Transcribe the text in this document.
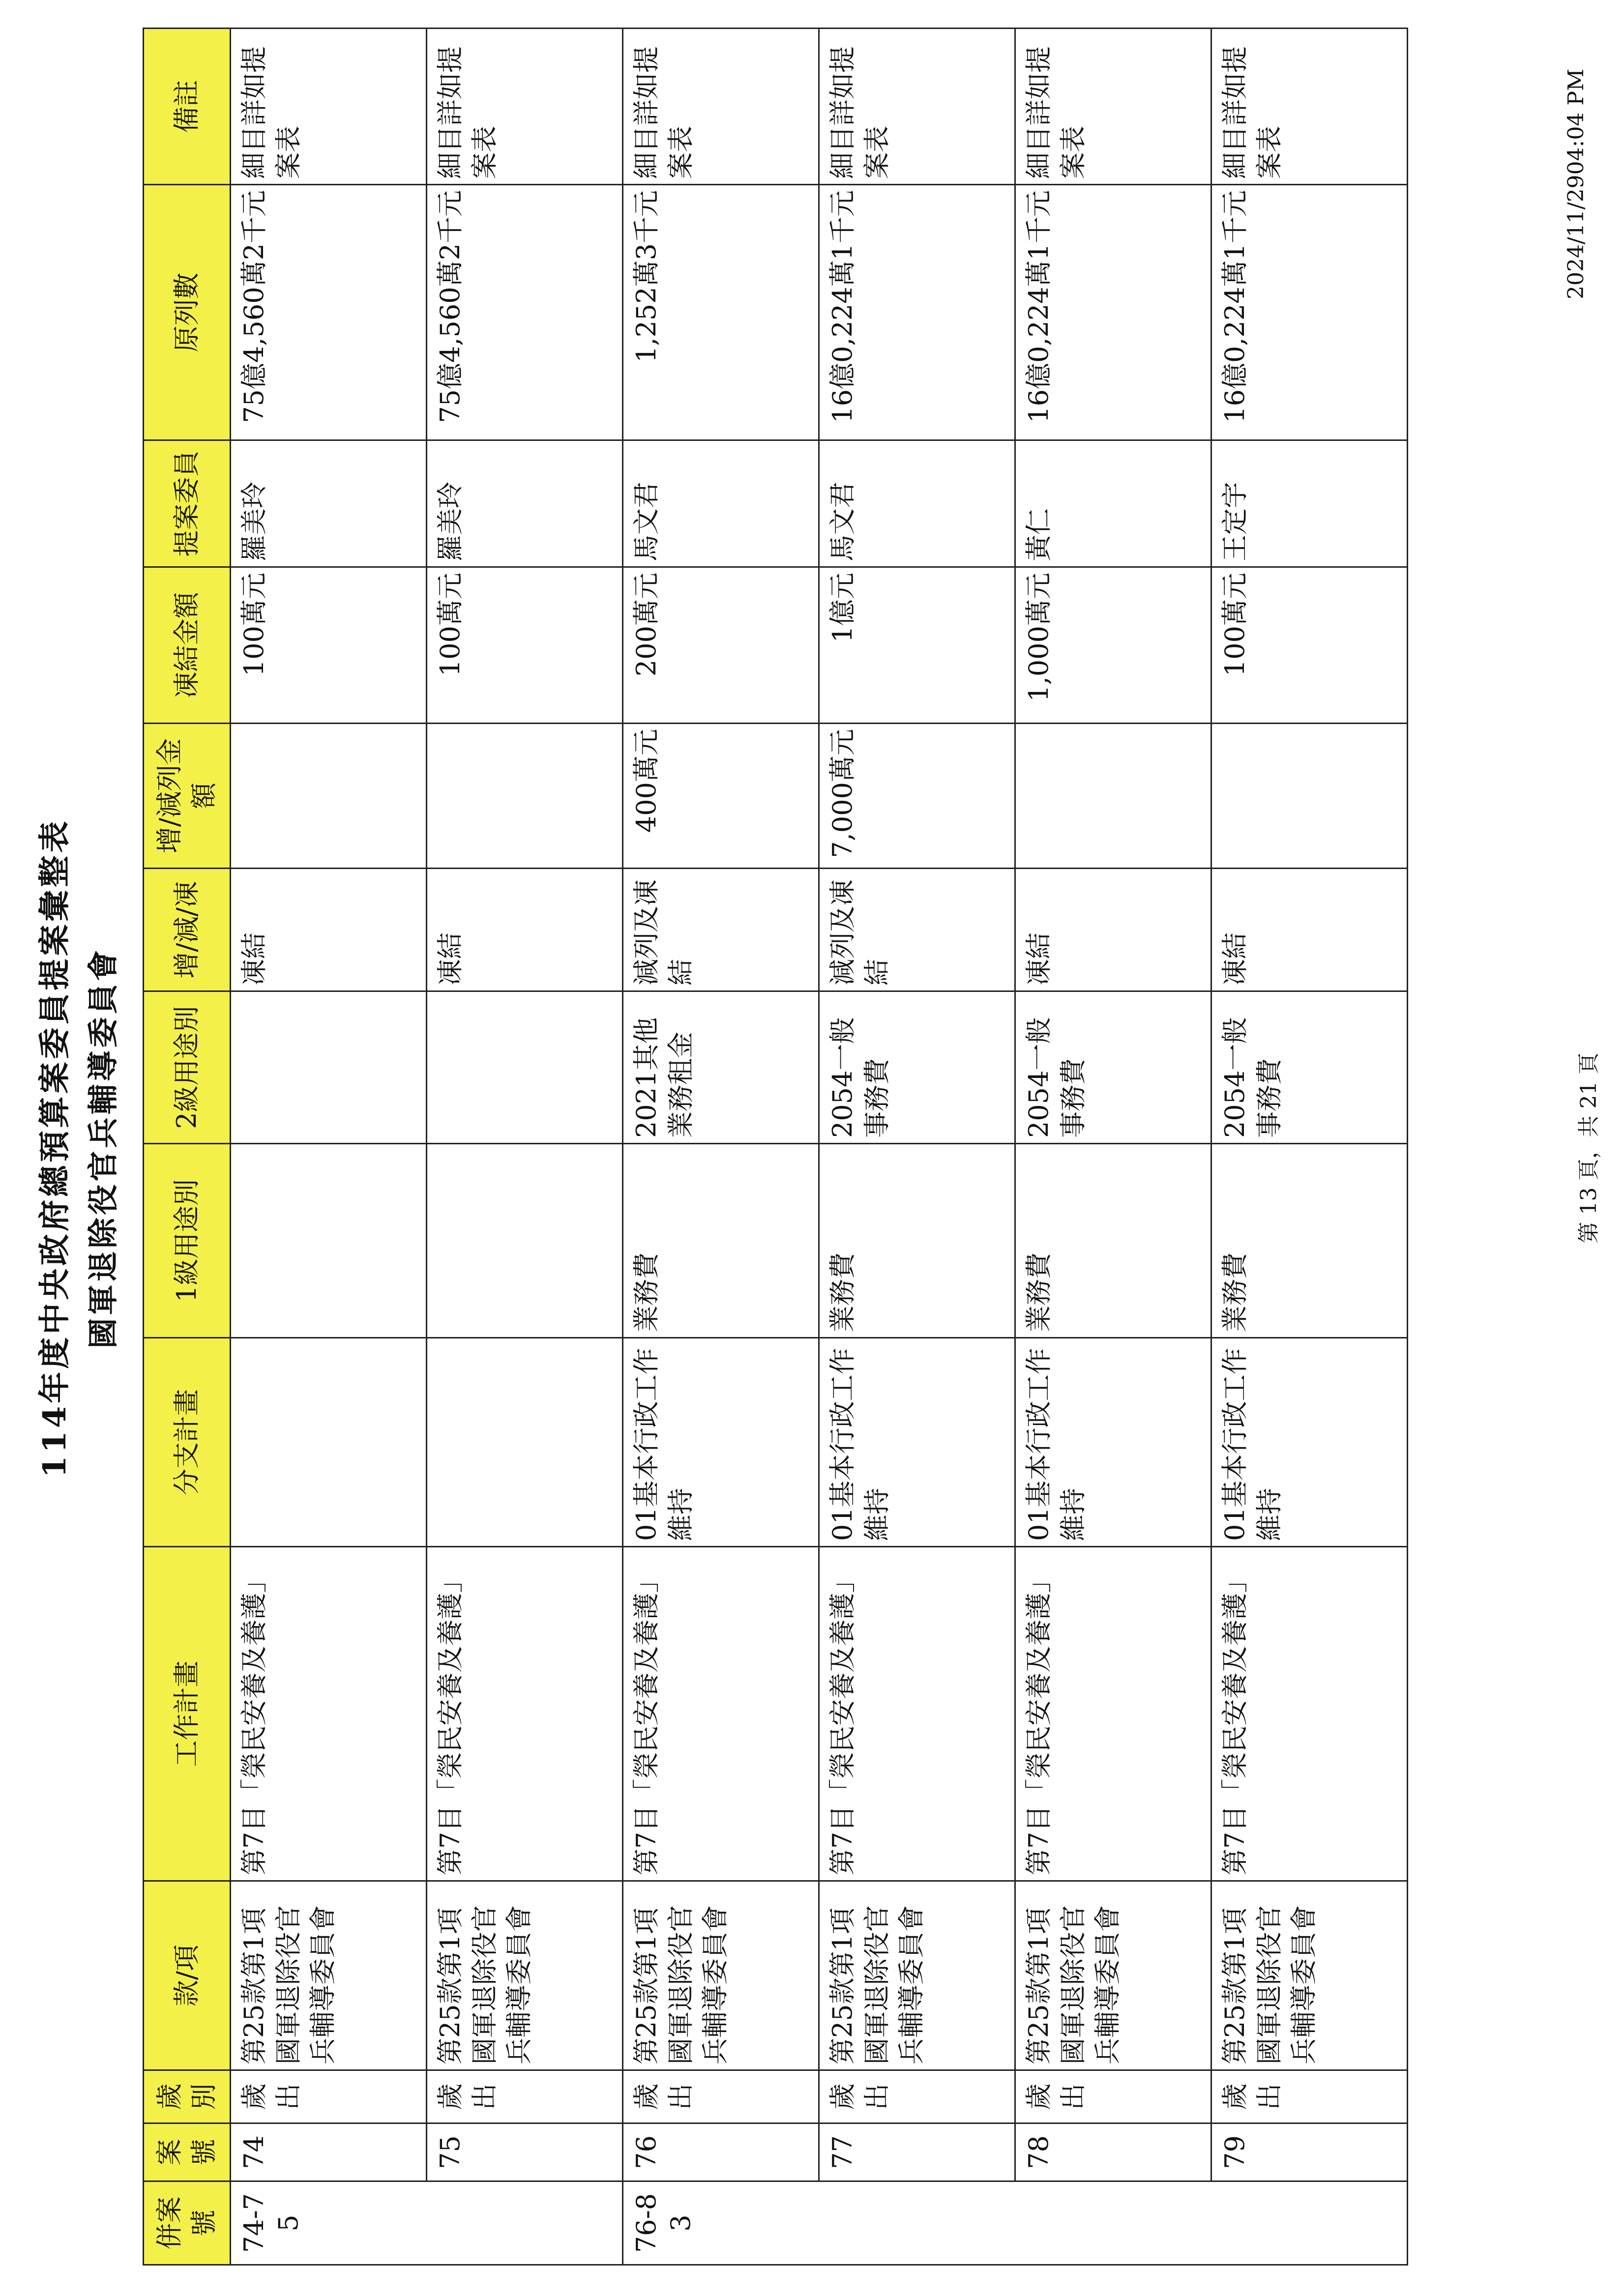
114年度中央政府總預算案委員提案彙整表 國軍退除役官兵輔導委員會
併案號	案號	歲別	款/項	工作計畫	分支計畫	1級用途別	2級用途別	增/減/凍	增/減列金額	凍結金額	提案委員	原列數	備註
74-75	74	歲出	第25款第1項國軍退除役官兵輔導委員會	第7目「榮民安養及養護」				凍結		100萬元	羅美玲	75億4,560萬2千元	細目詳如提案表
	75	歲出	第25款第1項國軍退除役官兵輔導委員會	第7目「榮民安養及養護」				凍結		100萬元	羅美玲	75億4,560萬2千元	細目詳如提案表
76-83	76	歲出	第25款第1項國軍退除役官兵輔導委員會	第7目「榮民安養及養護」	01基本行政工作維持	業務費	2021其他業務租金	減列及凍結	400萬元	200萬元	馬文君	1,252萬3千元	細目詳如提案表
	77	歲出	第25款第1項國軍退除役官兵輔導委員會	第7目「榮民安養及養護」	01基本行政工作維持	業務費	2054一般事務費	減列及凍結	7,000萬元	1億元	馬文君	16億0,224萬1千元	細目詳如提案表
	78	歲出	第25款第1項國軍退除役官兵輔導委員會	第7目「榮民安養及養護」	01基本行政工作維持	業務費	2054一般事務費	凍結		1,000萬元	黃仁	16億0,224萬1千元	細目詳如提案表
	79	歲出	第25款第1項國軍退除役官兵輔導委員會	第7目「榮民安養及養護」	01基本行政工作維持	業務費	2054一般事務費	凍結		100萬元	王定宇	16億0,224萬1千元	細目詳如提案表
第 13 頁，共 21 頁
2024/11/2904:04 PM
